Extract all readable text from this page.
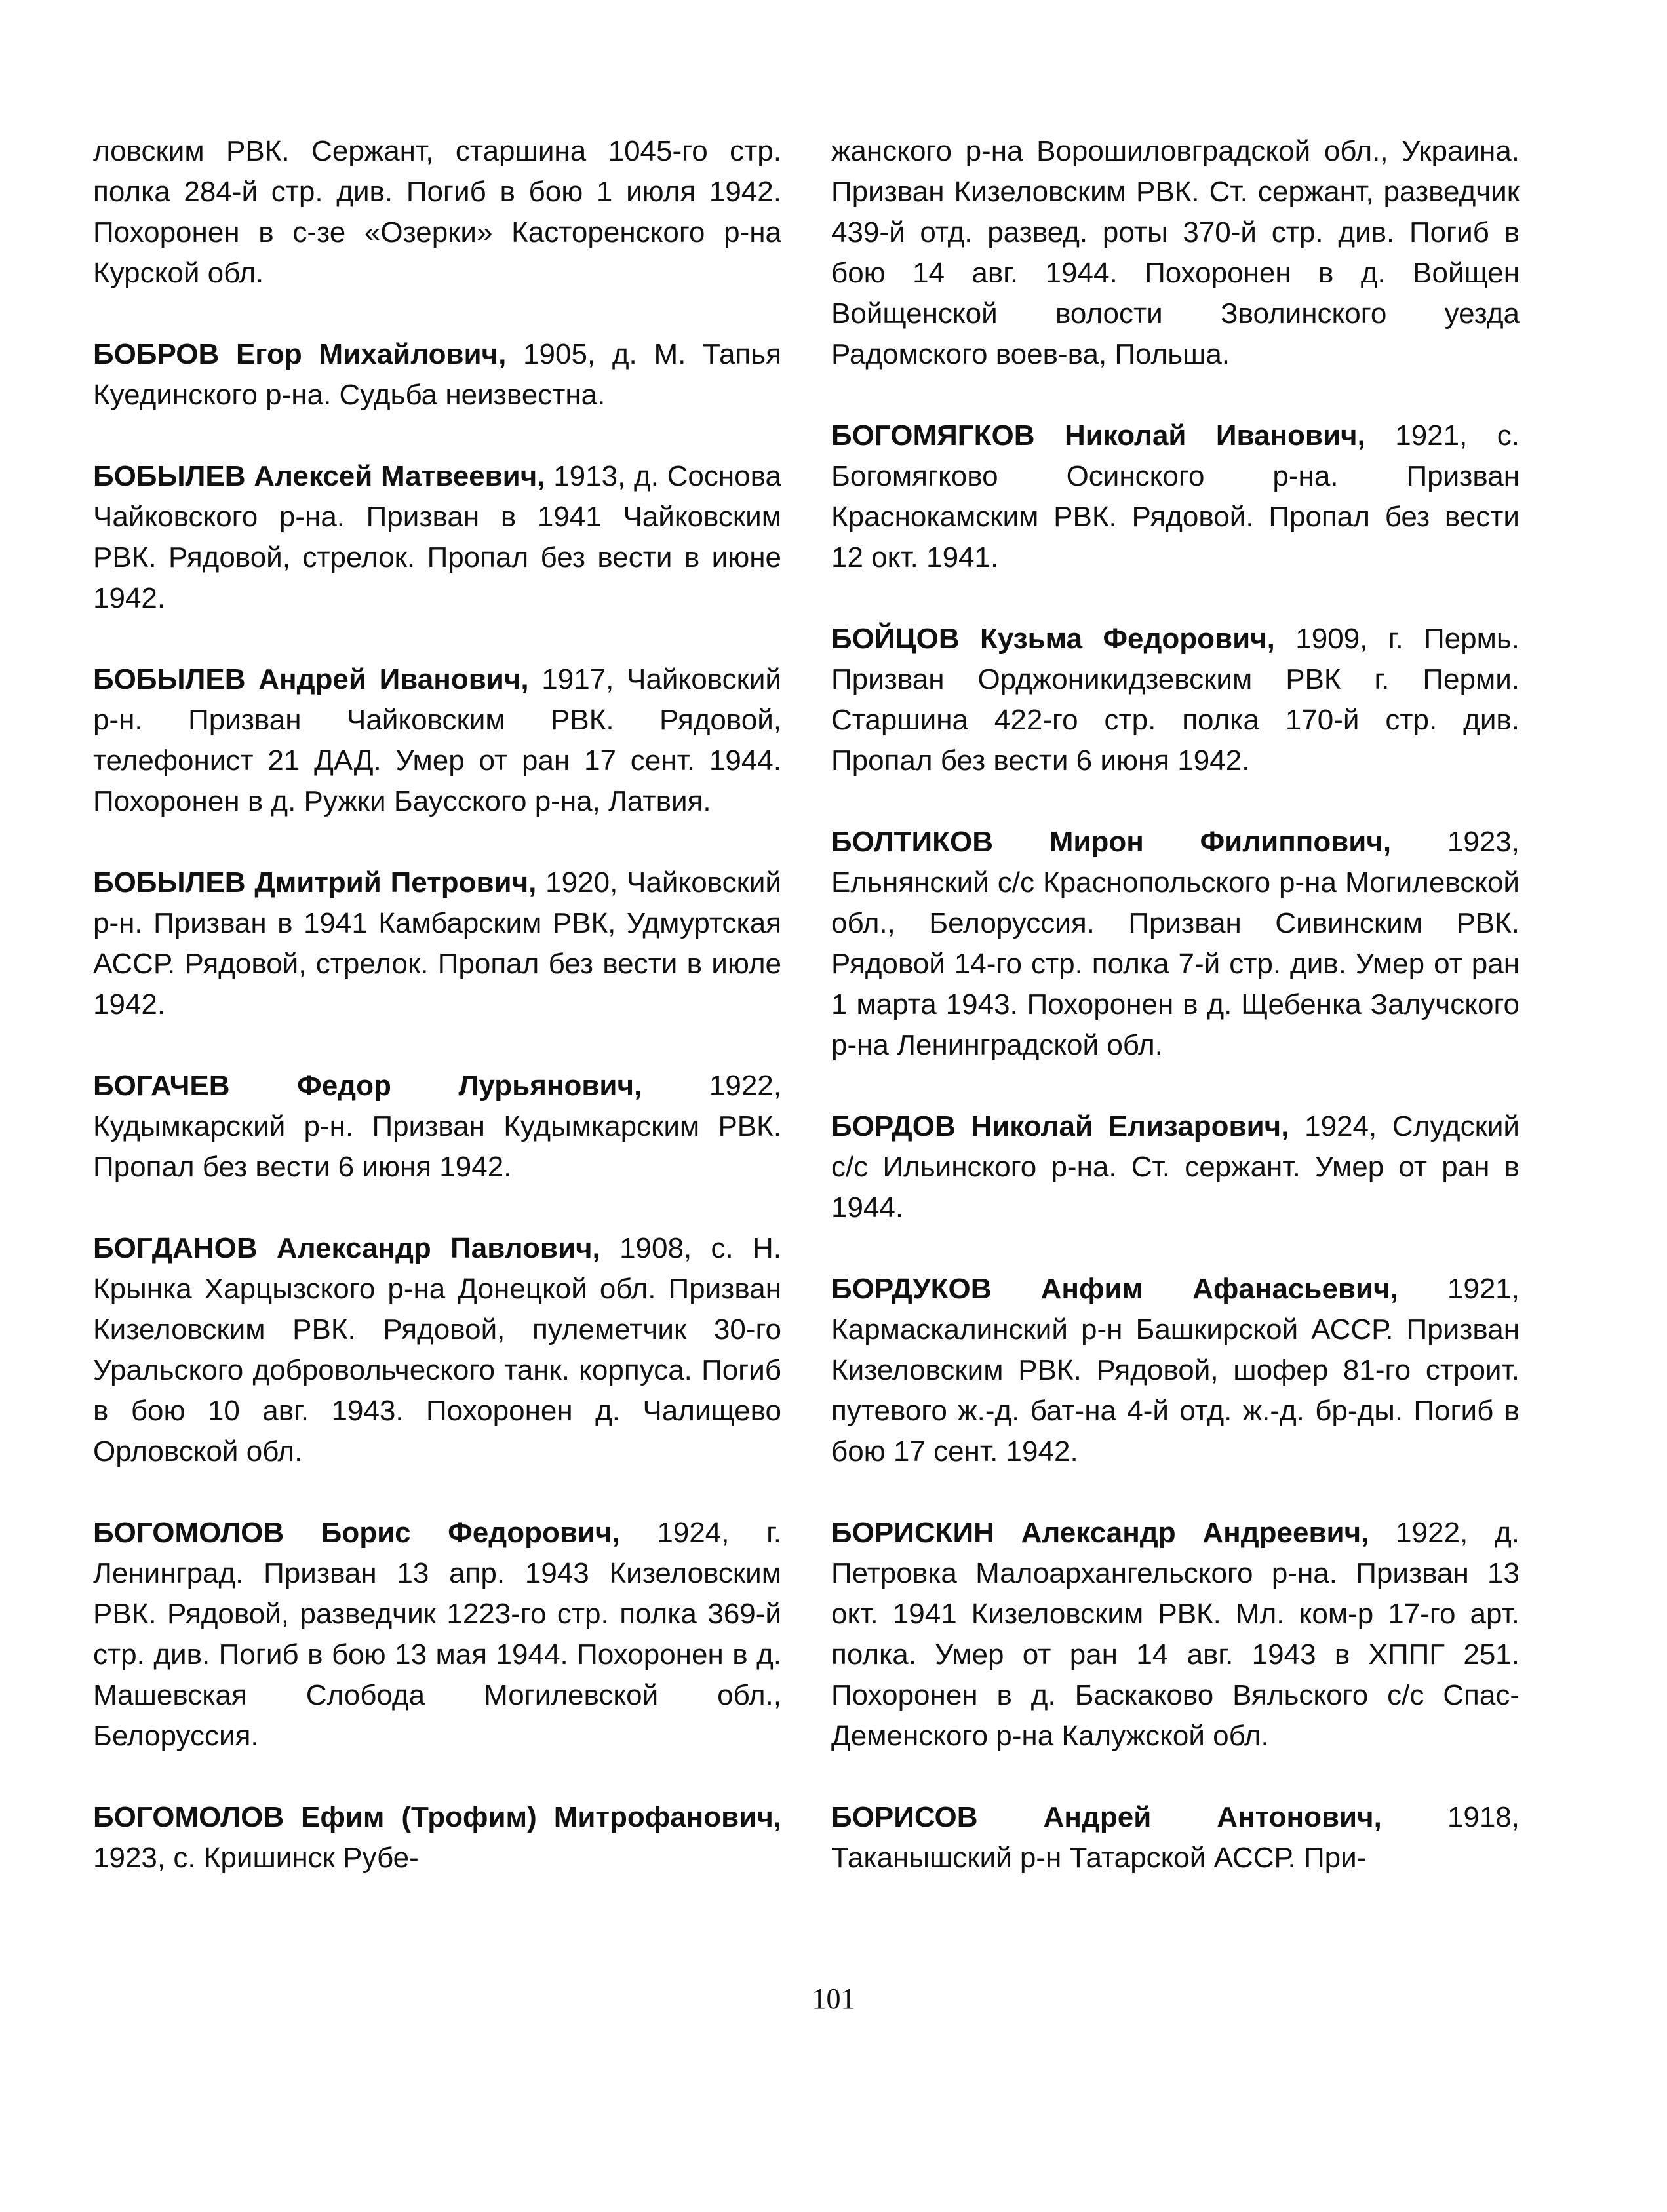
ловским РВК. Сержант, старшина 1045-го стр. полка 284-й стр. див. Погиб в бою 1 июля 1942. Похоронен в с-зе «Озерки» Касторенского р-на Курской обл.

БОБРОВ Егор Михайлович, 1905, д. М. Тапья Куединского р-на. Судьба неизвестна.

БОБЫЛЕВ Алексей Матвеевич, 1913, д. Соснова Чайковского р-на. Призван в 1941 Чайковским РВК. Рядовой, стрелок. Пропал без вести в июне 1942.

БОБЫЛЕВ Андрей Иванович, 1917, Чайковский р-н. Призван Чайковским РВК. Рядовой, телефонист 21 ДАД. Умер от ран 17 сент. 1944. Похоронен в д. Ружки Бауcского р-на, Латвия.

БОБЫЛЕВ Дмитрий Петрович, 1920, Чайковский р-н. Призван в 1941 Камбарским РВК, Удмуртская АССР. Рядовой, стрелок. Пропал без вести в июле 1942.

БОГАЧЕВ Федор Лурьянович, 1922, Кудымкарский р-н. Призван Кудымкарским РВК. Пропал без вести 6 июня 1942.

БОГДАНОВ Александр Павлович, 1908, с. Н. Крынка Харцызского р-на Донецкой обл. Призван Кизеловским РВК. Рядовой, пулеметчик 30-го Уральского добровольческого танк. корпуса. Погиб в бою 10 авг. 1943. Похоронен д. Чалищево Орловской обл.

БОГОМОЛОВ Борис Федорович, 1924, г. Ленинград. Призван 13 апр. 1943 Кизеловским РВК. Рядовой, разведчик 1223-го стр. полка 369-й стр. див. Погиб в бою 13 мая 1944. Похоронен в д. Машевская Слобода Могилевской обл., Белоруссия.

БОГОМОЛОВ Ефим (Трофим) Митрофанович, 1923, с. Кришинск Рубе-

жанского р-на Ворошиловградской обл., Украина. Призван Кизеловским РВК. Ст. сержант, разведчик 439-й отд. развед. роты 370-й стр. див. Погиб в бою 14 авг. 1944. Похоронен в д. Войщен Войщенской волости Зволинского уезда Радомского воев-ва, Польша.

БОГОМЯГКОВ Николай Иванович, 1921, с. Богомягково Осинского р-на. Призван Краснокамским РВК. Рядовой. Пропал без вести 12 окт. 1941.

БОЙЦОВ Кузьма Федорович, 1909, г. Пермь. Призван Орджоникидзевским РВК г. Перми. Старшина 422-го стр. полка 170-й стр. див. Пропал без вести 6 июня 1942.

БОЛТИКОВ Мирон Филиппович, 1923, Ельнянский с/с Краснопольского р-на Могилевской обл., Белоруссия. Призван Сивинским РВК. Рядовой 14-го стр. полка 7-й стр. див. Умер от ран 1 марта 1943. Похоронен в д. Щебенка Залучского р-на Ленинградской обл.

БОРДОВ Николай Елизарович, 1924, Слудский с/с Ильинского р-на. Ст. сержант. Умер от ран в 1944.

БОРДУКОВ Анфим Афанасьевич, 1921, Кармаскалинский р-н Башкирской АССР. Призван Кизеловским РВК. Рядовой, шофер 81-го строит. путевого ж.-д. бат-на 4-й отд. ж.-д. бр-ды. Погиб в бою 17 сент. 1942.

БОРИСКИН Александр Андреевич, 1922, д. Петровка Малоархангельского р-на. Призван 13 окт. 1941 Кизеловским РВК. Мл. ком-р 17-го арт. полка. Умер от ран 14 авг. 1943 в ХППГ 251. Похоронен в д. Баскаково Вяльского с/с Спас-Деменского р-на Калужской обл.

БОРИСОВ Андрей Антонович, 1918, Таканышский р-н Татарской АССР. При-

101
